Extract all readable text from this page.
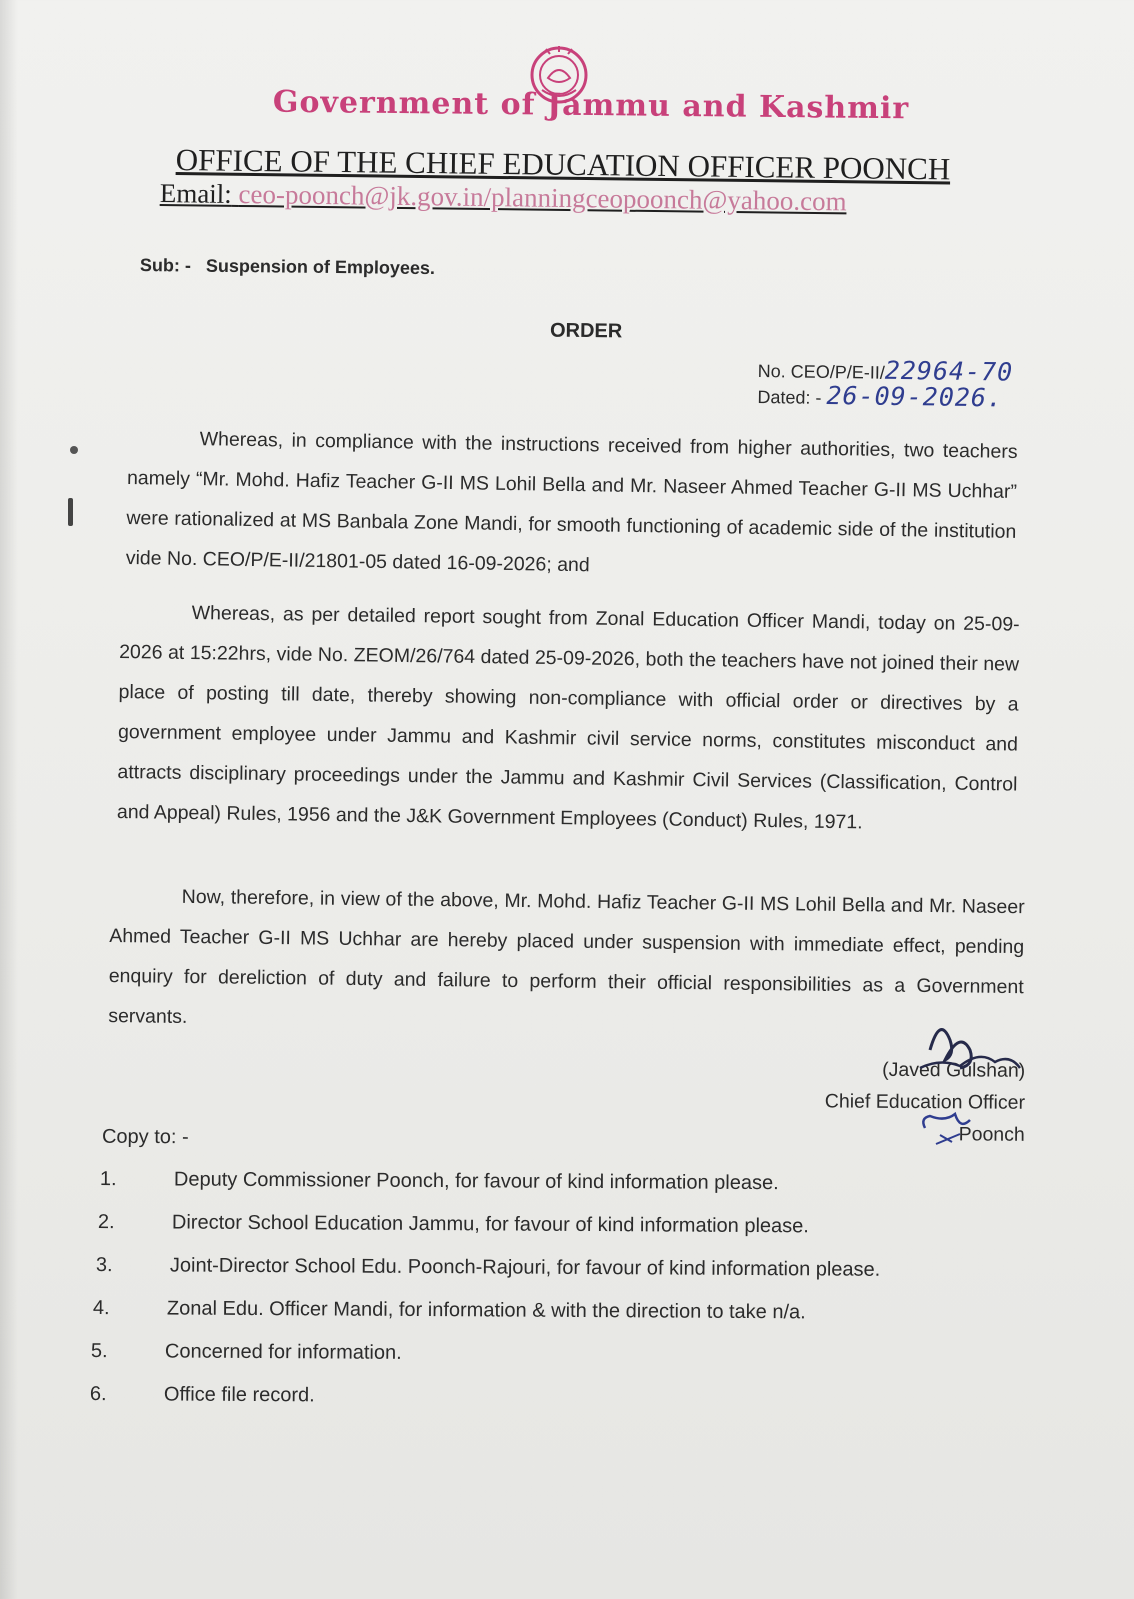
Government of Jammu and Kashmir
OFFICE OF THE CHIEF EDUCATION OFFICER POONCH
Email: ceo-poonch@jk.gov.in/planningceopoonch@yahoo.com
Sub: - Suspension of Employees.
ORDER
No. CEO/P/E-II/22964-70
Dated: - 26-09-2026.

Whereas, in compliance with the instructions received from higher authorities, two teachers namely “Mr. Mohd. Hafiz Teacher G-II MS Lohil Bella and Mr. Naseer Ahmed Teacher G-II MS Uchhar” were rationalized at MS Banbala Zone Mandi, for smooth functioning of academic side of the institution vide No. CEO/P/E-II/21801-05 dated 16-09-2026; and

Whereas, as per detailed report sought from Zonal Education Officer Mandi, today on 25-09-2026 at 15:22hrs, vide No. ZEOM/26/764 dated 25-09-2026, both the teachers have not joined their new place of posting till date, thereby showing non-compliance with official order or directives by a government employee under Jammu and Kashmir civil service norms, constitutes misconduct and attracts disciplinary proceedings under the Jammu and Kashmir Civil Services (Classification, Control and Appeal) Rules, 1956 and the J&K Government Employees (Conduct) Rules, 1971.

Now, therefore, in view of the above, Mr. Mohd. Hafiz Teacher G-II MS Lohil Bella and Mr. Naseer Ahmed Teacher G-II MS Uchhar are hereby placed under suspension with immediate effect, pending enquiry for dereliction of duty and failure to perform their official responsibilities as a Government servants.

(Javed Gulshan)
Chief Education Officer
Poonch
Copy to: -
1.	Deputy Commissioner Poonch, for favour of kind information please.
2.	Director School Education Jammu, for favour of kind information please.
3.	Joint-Director School Edu. Poonch-Rajouri, for favour of kind information please.
4.	Zonal Edu. Officer Mandi, for information & with the direction to take n/a.
5.	Concerned for information.
6.	Office file record.
